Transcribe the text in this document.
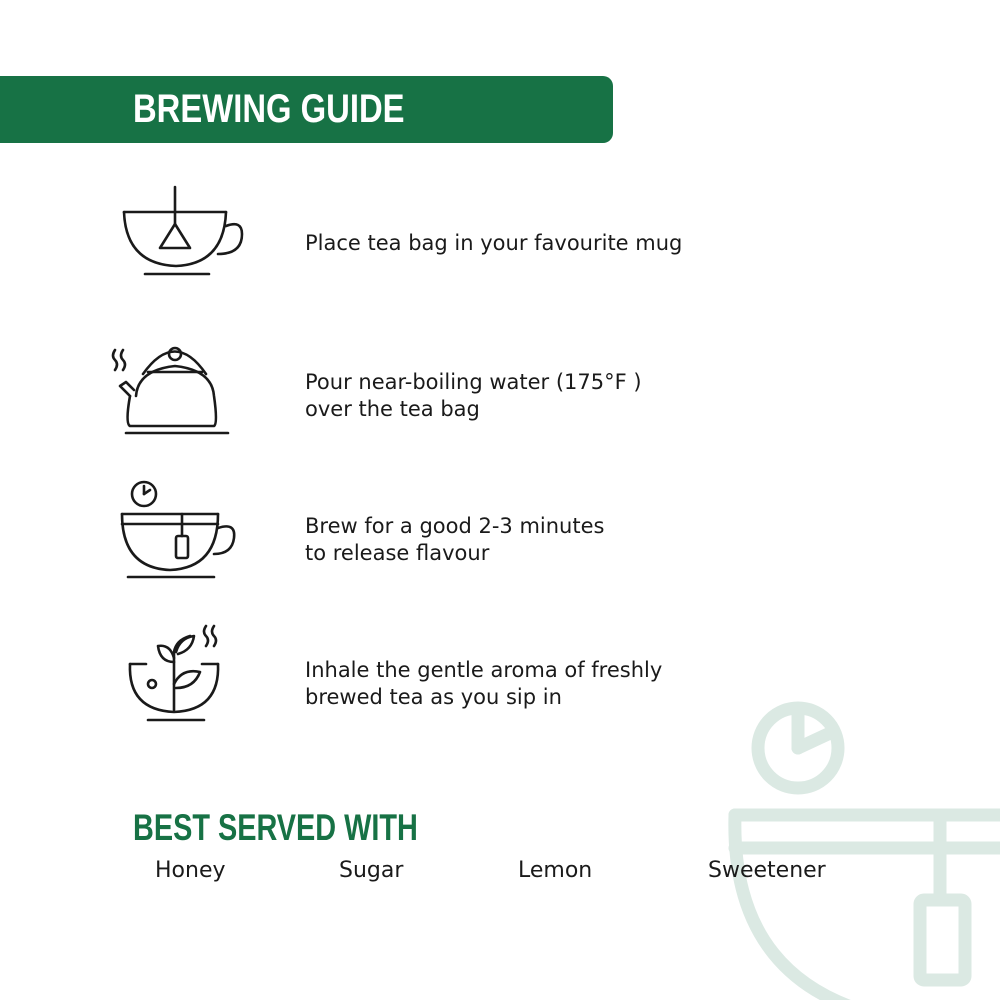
BREWING GUIDE
Place tea bag in your favourite mug
Pour near-boiling water (175°F )
over the tea bag
Brew for a good 2-3 minutes
to release flavour
Inhale the gentle aroma of freshly
brewed tea as you sip in
BEST SERVED WITH
Honey	Sugar	Lemon	Sweetener
